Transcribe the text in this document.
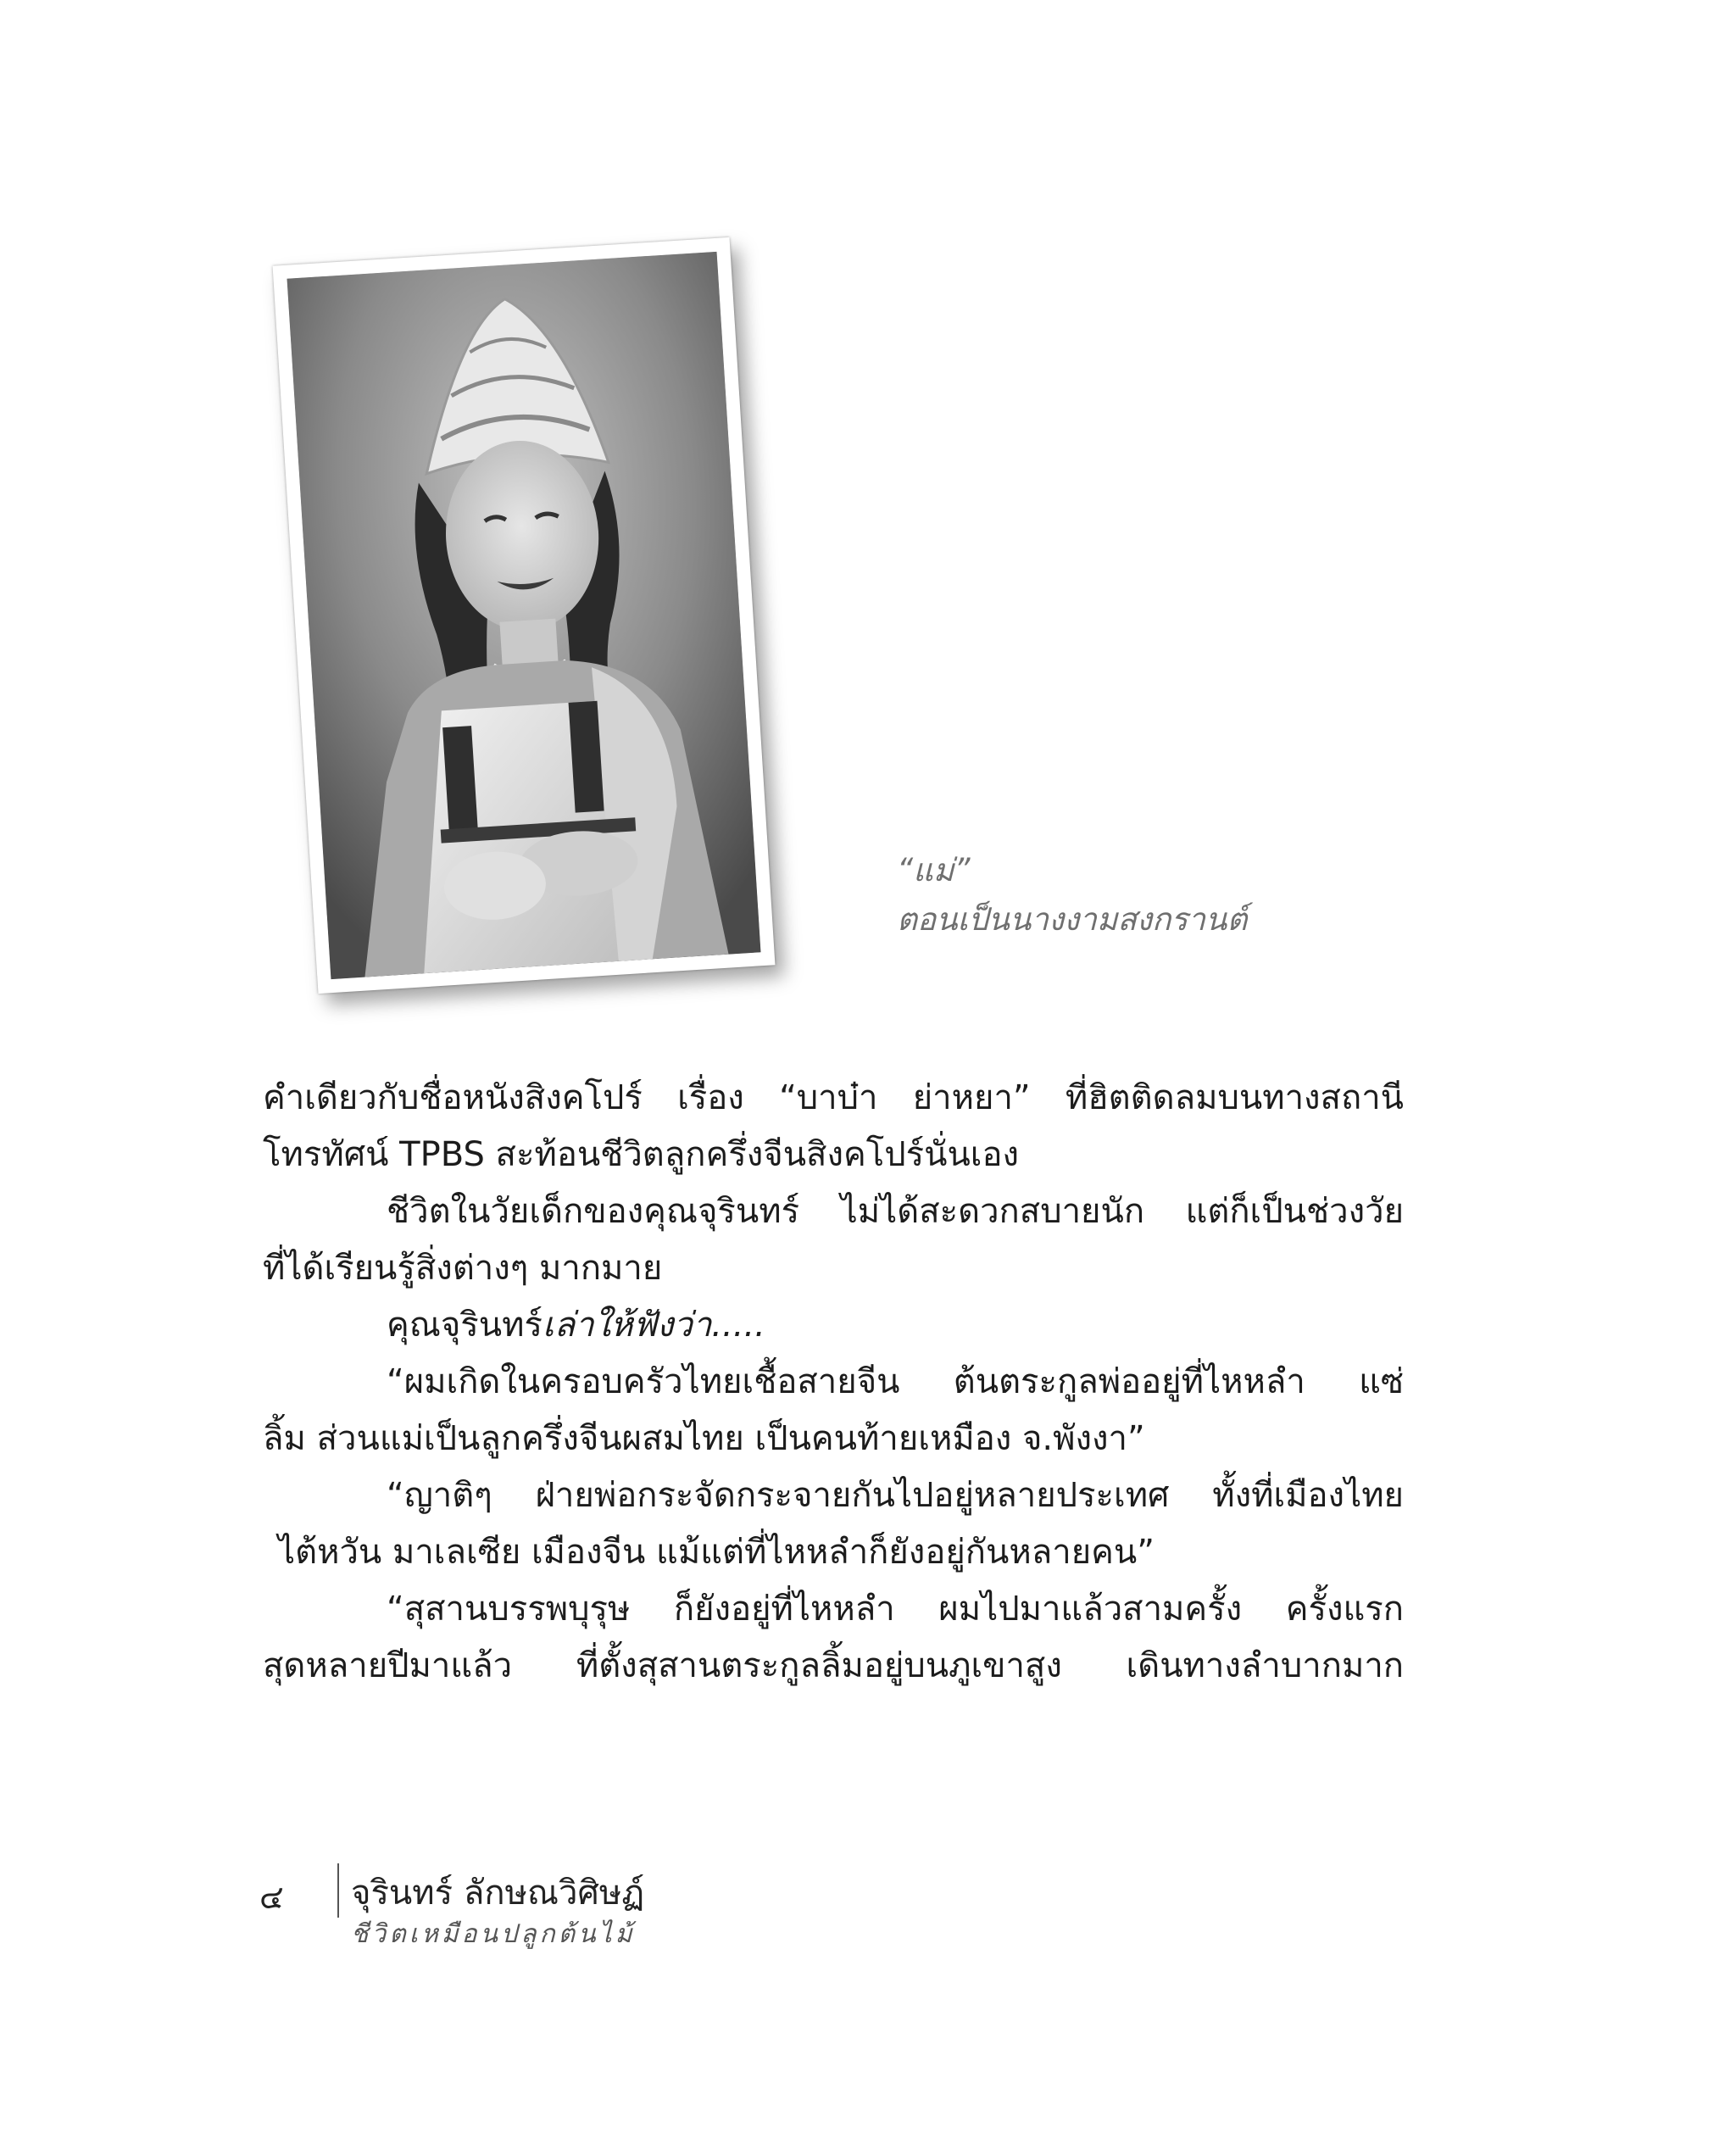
“แม่”
ตอนเป็นนางงามสงกรานต์
คำเดียวกับชื่อหนังสิงคโปร์ เรื่อง “บาบ๋า ย่าหยา” ที่ฮิตติดลมบนทางสถานี
โทรทัศน์ TPBS สะท้อนชีวิตลูกครึ่งจีนสิงคโปร์นั่นเอง
ชีวิตในวัยเด็กของคุณจุรินทร์ ไม่ได้สะดวกสบายนัก แต่ก็เป็นช่วงวัย
ที่ได้เรียนรู้สิ่งต่างๆ มากมาย
คุณจุรินทร์เล่าให้ฟังว่า.....
“ผมเกิดในครอบครัวไทยเชื้อสายจีน ต้นตระกูลพ่ออยู่ที่ไหหลำ แซ่
ลิ้ม ส่วนแม่เป็นลูกครึ่งจีนผสมไทย เป็นคนท้ายเหมือง จ.พังงา”
“ญาติๆ ฝ่ายพ่อกระจัดกระจายกันไปอยู่หลายประเทศ ทั้งที่เมืองไทย
ไต้หวัน มาเลเซีย เมืองจีน แม้แต่ที่ไหหลำก็ยังอยู่กันหลายคน”
“สุสานบรรพบุรุษ ก็ยังอยู่ที่ไหหลำ ผมไปมาแล้วสามครั้ง ครั้งแรก
สุดหลายปีมาแล้ว ที่ตั้งสุสานตระกูลลิ้มอยู่บนภูเขาสูง เดินทางลำบากมาก
๔ จุรินทร์ ลักษณวิศิษฏ์
ชีวิตเหมือนปลูกต้นไม้
